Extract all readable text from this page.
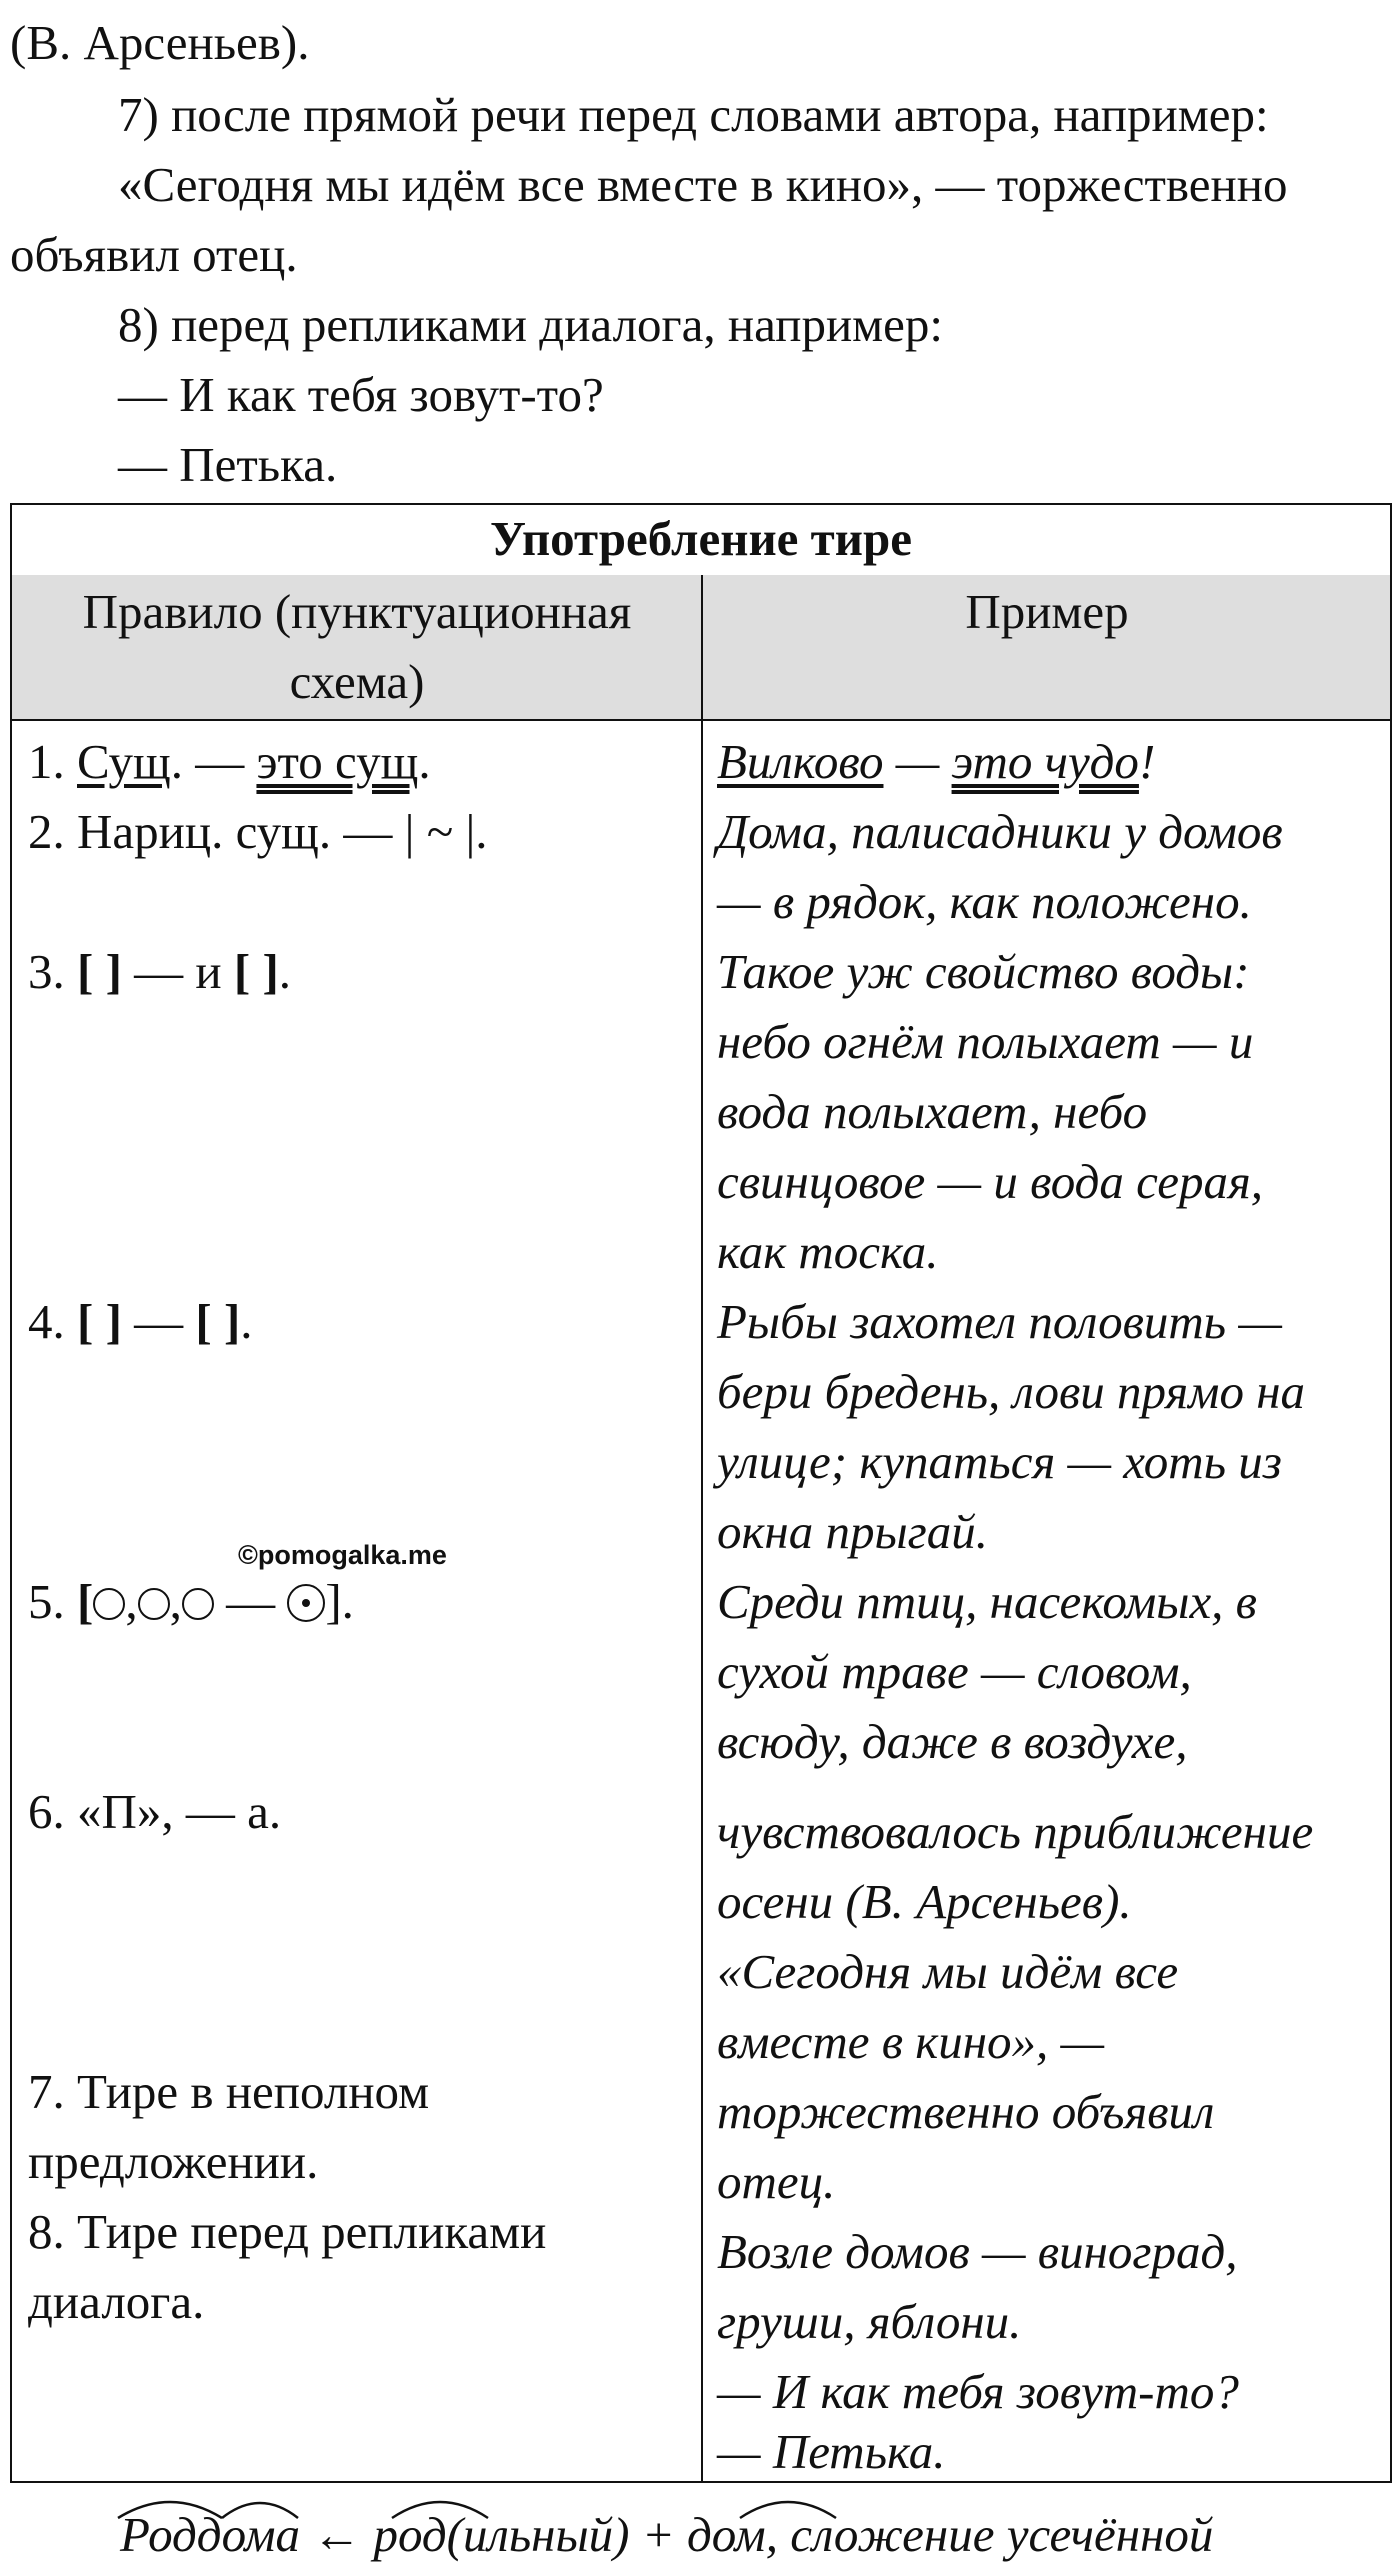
(В. Арсеньев).
7) после прямой речи перед словами автора, например:
«Сегодня мы идём все вместе в кино», — торжественно
объявил отец.
8) перед репликами диалога, например:
— И как тебя зовут-то?
— Петька.
Употребление тире
Правило (пунктуационная
схема)
Пример
1. Сущ. — это сущ.
2. Нариц. сущ. — | ~ |.
3. [ ] — и [ ].
4. [ ] — [ ].
5. [ , , — ].
6. «П», — а.
7. Тире в неполном
предложении.
8. Тире перед репликами
диалога.
Вилково — это чудо!
Дома, палисадники у домов
— в рядок, как положено.
Такое уж свойство воды:
небо огнём полыхает — и
вода полыхает, небо
свинцовое — и вода серая,
как тоска.
Рыбы захотел половить —
бери бредень, лови прямо на
улице; купаться — хоть из
окна прыгай.
Среди птиц, насекомых, в
сухой траве — словом,
всюду, даже в воздухе,
чувствовалось приближение
осени (В. Арсеньев).
«Сегодня мы идём все
вместе в кино», —
торжественно объявил
отец.
Возле домов — виноград,
груши, яблони.
— И как тебя зовут-то?
— Петька.
©pomogalka.me
Роддома ← род(ильный) + дом, сложение усечённой
